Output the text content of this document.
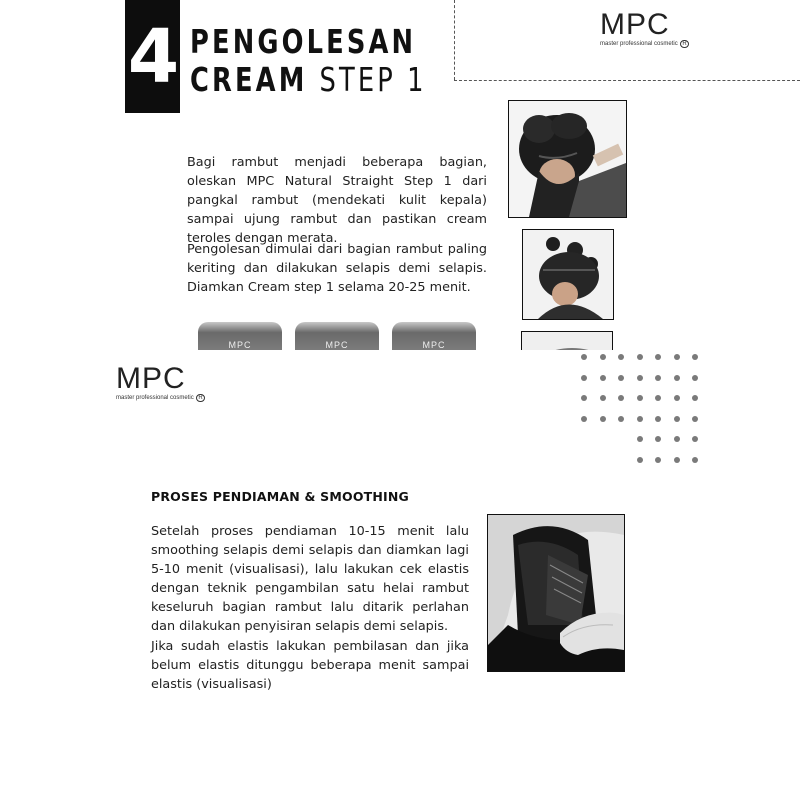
4 PENGOLESAN
CREAM STEP 1
MPC
master professional cosmetic R
Bagi rambut menjadi beberapa bagian, oleskan MPC Natural Straight Step 1 dari pangkal rambut (mendekati kulit kepala) sampai ujung rambut dan pastikan cream teroles dengan merata.
Pengolesan dimulai dari bagian rambut paling keriting dan dilakukan selapis demi selapis. Diamkan Cream step 1 selama 20-25 menit.
MPC	MPC	MPC
MPC
master professional cosmetic R
PROSES PENDIAMAN & SMOOTHING
Setelah proses pendiaman 10-15 menit lalu smoothing selapis demi selapis dan diamkan lagi 5-10 menit (visualisasi), lalu lakukan cek elastis dengan teknik pengambilan satu helai rambut keseluruh bagian rambut lalu ditarik perlahan dan dilakukan penyisiran selapis demi selapis.
Jika sudah elastis lakukan pembilasan dan jika belum elastis ditunggu beberapa menit sampai elastis (visualisasi)
